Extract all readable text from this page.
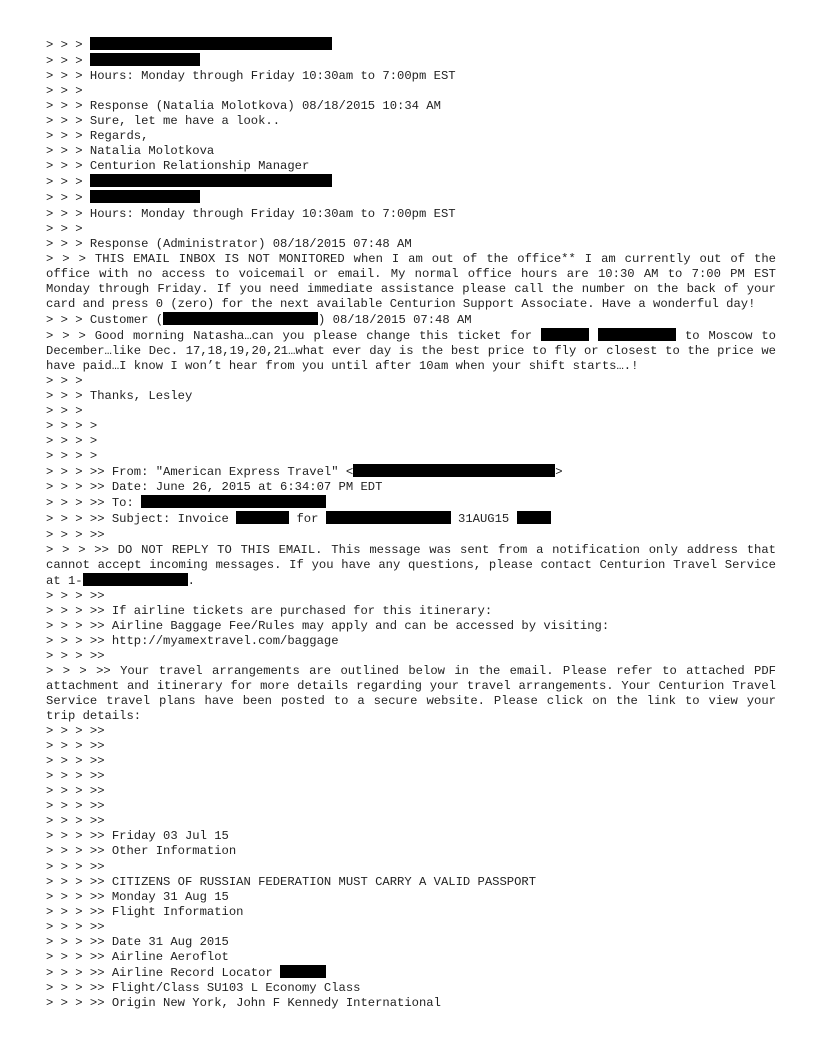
> > >
> > >
> > > Hours: Monday through Friday 10:30am to 7:00pm EST
> > >
> > > Response (Natalia Molotkova) 08/18/2015 10:34 AM
> > > Sure, let me have a look..
> > > Regards,
> > > Natalia Molotkova
> > > Centurion Relationship Manager
> > >
> > >
> > > Hours: Monday through Friday 10:30am to 7:00pm EST
> > >
> > > Response (Administrator) 08/18/2015 07:48 AM
> > > THIS EMAIL INBOX IS NOT MONITORED when I am out of the office** I am currently out of the office with no access to voicemail or email. My normal office hours are 10:30 AM to 7:00 PM EST Monday through Friday. If you need immediate assistance please call the number on the back of your card and press 0 (zero) for the next available Centurion Support Associate. Have a wonderful day!
> > > Customer (	) 08/18/2015 07:48 AM
> > > Good morning Natasha…can you please change this ticket for	to Moscow to December…like Dec. 17,18,19,20,21…what ever day is the best price to fly or closest to the price we have paid…I know I won’t hear from you until after 10am when your shift starts….!
> > >
> > > Thanks, Lesley
> > >
> > > >
> > > >
> > > >
> > > >> From: "American Express Travel" <	>
> > > >> Date: June 26, 2015 at 6:34:07 PM EDT
> > > >> To:
> > > >> Subject: Invoice	for	31AUG15
> > > >>
> > > >> DO NOT REPLY TO THIS EMAIL. This message was sent from a notification only address that cannot accept incoming messages. If you have any questions, please contact Centurion Travel Service at 1-	.
> > > >>
> > > >> If airline tickets are purchased for this itinerary:
> > > >> Airline Baggage Fee/Rules may apply and can be accessed by visiting:
> > > >> http://myamextravel.com/baggage
> > > >>
> > > >> Your travel arrangements are outlined below in the email. Please refer to attached PDF attachment and itinerary for more details regarding your travel arrangements. Your Centurion Travel Service travel plans have been posted to a secure website. Please click on the link to view your trip details:
> > > >>
> > > >>
> > > >>
> > > >>
> > > >>
> > > >>
> > > >>
> > > >> Friday 03 Jul 15
> > > >> Other Information
> > > >>
> > > >> CITIZENS OF RUSSIAN FEDERATION MUST CARRY A VALID PASSPORT
> > > >> Monday 31 Aug 15
> > > >> Flight Information
> > > >>
> > > >> Date 31 Aug 2015
> > > >> Airline Aeroflot
> > > >> Airline Record Locator
> > > >> Flight/Class SU103 L Economy Class
> > > >> Origin New York, John F Kennedy International
